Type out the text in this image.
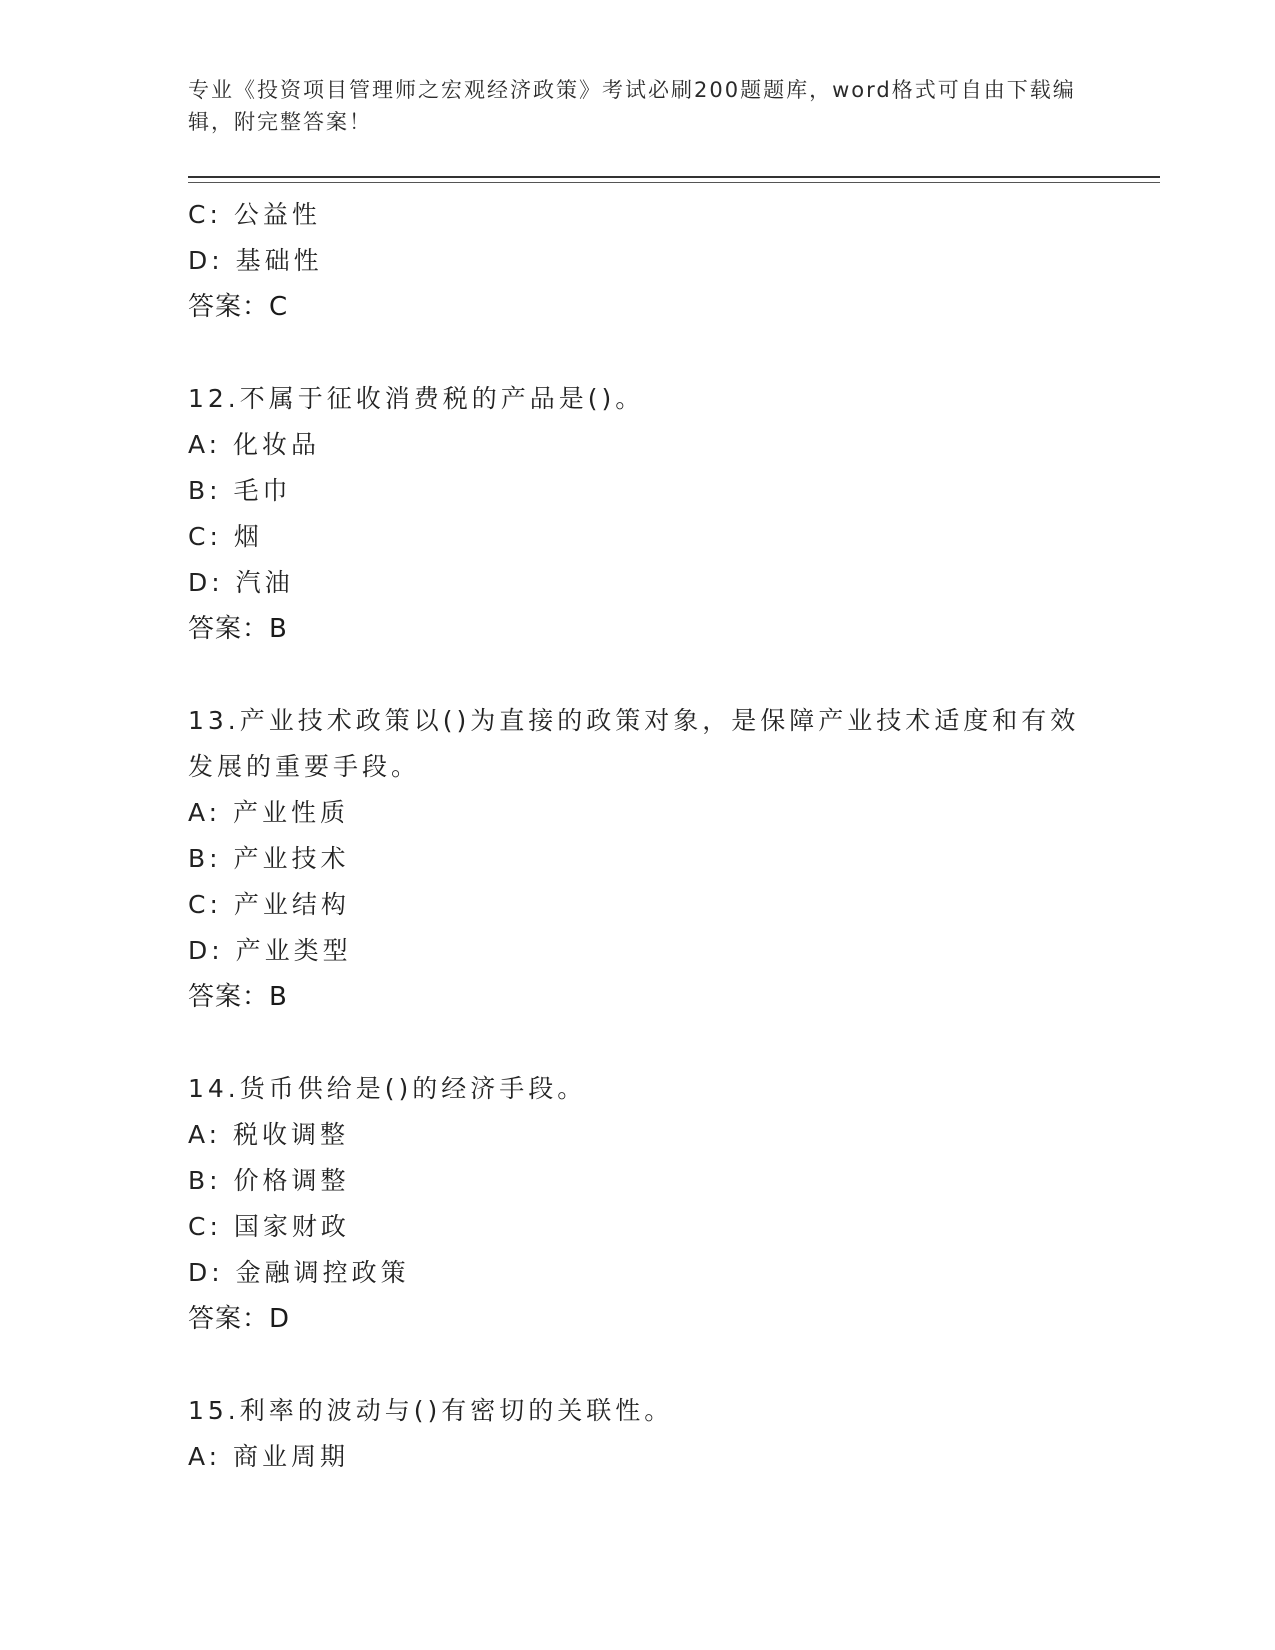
专业《投资项目管理师之宏观经济政策》考试必刷200题题库，word格式可自由下载编辑，附完整答案！

C: 公益性

D: 基础性

答案：C

12.不属于征收消费税的产品是()。

A: 化妆品

B: 毛巾

C: 烟

D: 汽油

答案：B

13.产业技术政策以()为直接的政策对象，是保障产业技术适度和有效发展的重要手段。

A: 产业性质

B: 产业技术

C: 产业结构

D: 产业类型

答案：B

14.货币供给是()的经济手段。

A: 税收调整

B: 价格调整

C: 国家财政

D: 金融调控政策

答案：D

15.利率的波动与()有密切的关联性。

A: 商业周期
